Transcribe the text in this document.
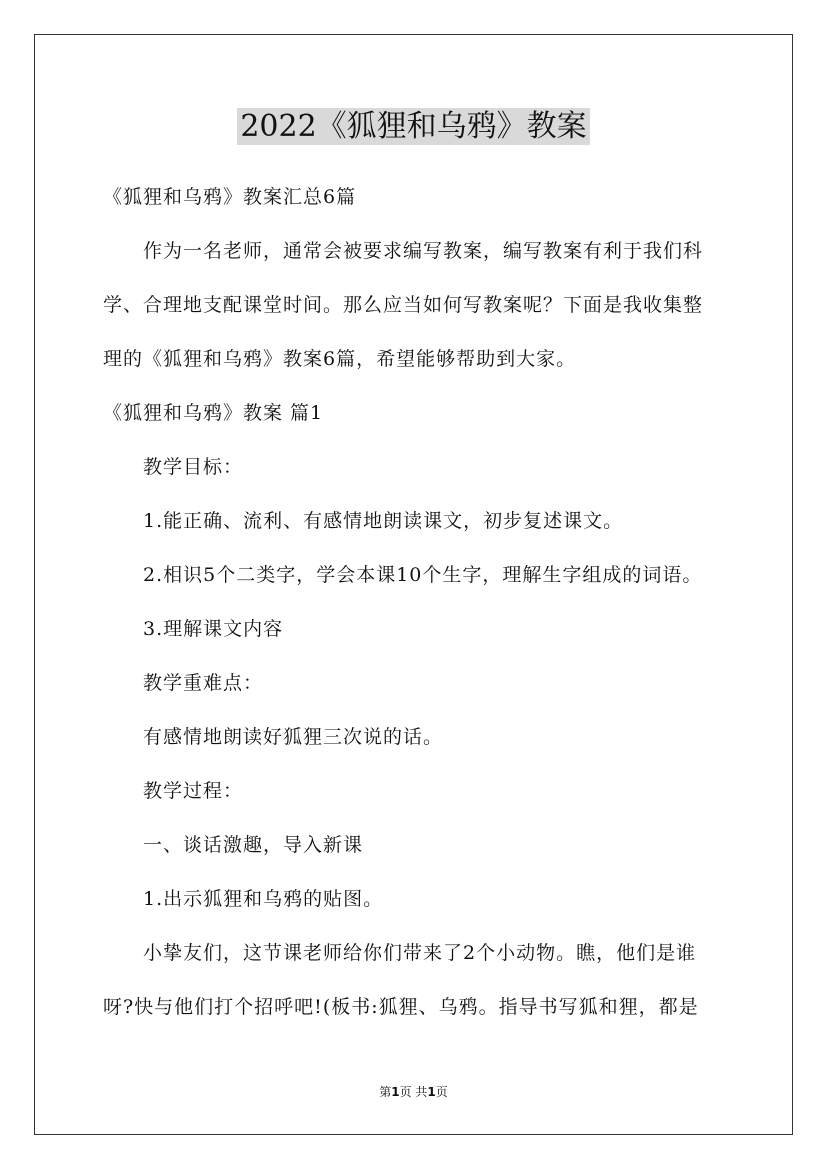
2022《狐狸和乌鸦》教案
《狐狸和乌鸦》教案汇总6篇
作为一名老师，通常会被要求编写教案，编写教案有利于我们科
学、合理地支配课堂时间。那么应当如何写教案呢？下面是我收集整
理的《狐狸和乌鸦》教案6篇，希望能够帮助到大家。
《狐狸和乌鸦》教案 篇1
教学目标：
1.能正确、流利、有感情地朗读课文，初步复述课文。
2.相识5个二类字，学会本课10个生字，理解生字组成的词语。
3.理解课文内容
教学重难点：
有感情地朗读好狐狸三次说的话。
教学过程：
一、谈话激趣，导入新课
1.出示狐狸和乌鸦的贴图。
小挚友们，这节课老师给你们带来了2个小动物。瞧，他们是谁
呀?快与他们打个招呼吧!(板书:狐狸、乌鸦。指导书写狐和狸，都是
第1页 共1页
